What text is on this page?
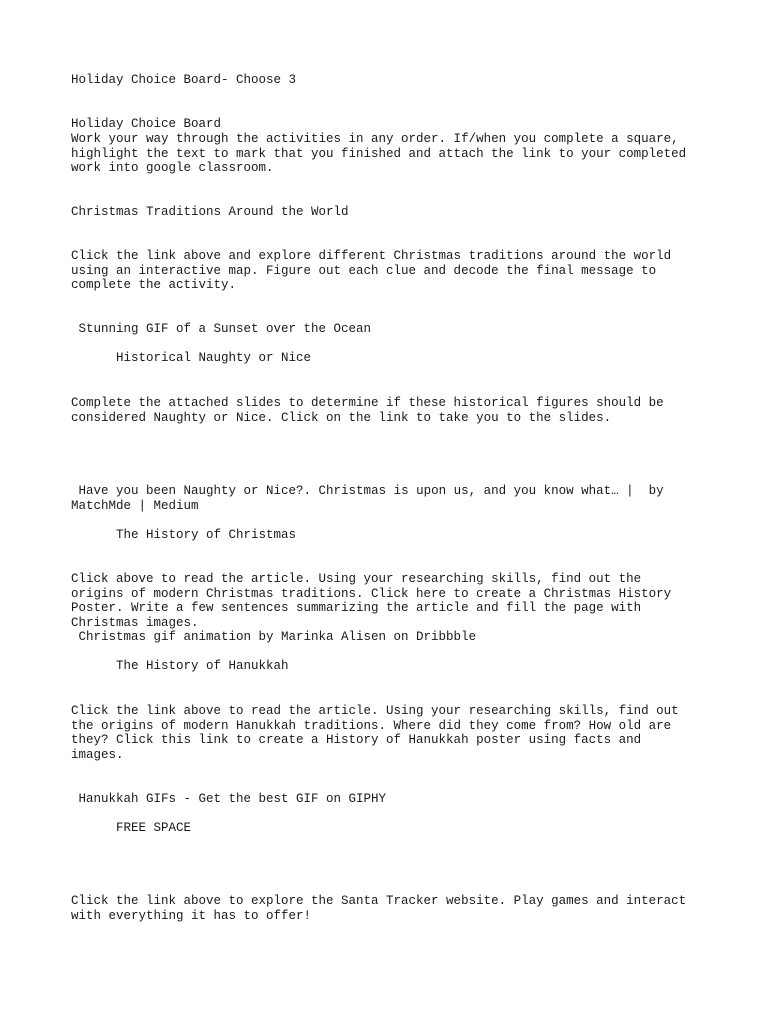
Holiday Choice Board- Choose 3
Holiday Choice Board
Work your way through the activities in any order. If/when you complete a square,
highlight the text to mark that you finished and attach the link to your completed
work into google classroom.
Christmas Traditions Around the World
Click the link above and explore different Christmas traditions around the world
using an interactive map. Figure out each clue and decode the final message to
complete the activity.
Stunning GIF of a Sunset over the Ocean
Historical Naughty or Nice
Complete the attached slides to determine if these historical figures should be
considered Naughty or Nice. Click on the link to take you to the slides.
Have you been Naughty or Nice?. Christmas is upon us, and you know what… |  by
MatchMde | Medium
The History of Christmas
Click above to read the article. Using your researching skills, find out the
origins of modern Christmas traditions. Click here to create a Christmas History
Poster. Write a few sentences summarizing the article and fill the page with
Christmas images.
Christmas gif animation by Marinka Alisen on Dribbble
The History of Hanukkah
Click the link above to read the article. Using your researching skills, find out
the origins of modern Hanukkah traditions. Where did they come from? How old are
they? Click this link to create a History of Hanukkah poster using facts and
images.
Hanukkah GIFs - Get the best GIF on GIPHY
FREE SPACE
Click the link above to explore the Santa Tracker website. Play games and interact
with everything it has to offer!
